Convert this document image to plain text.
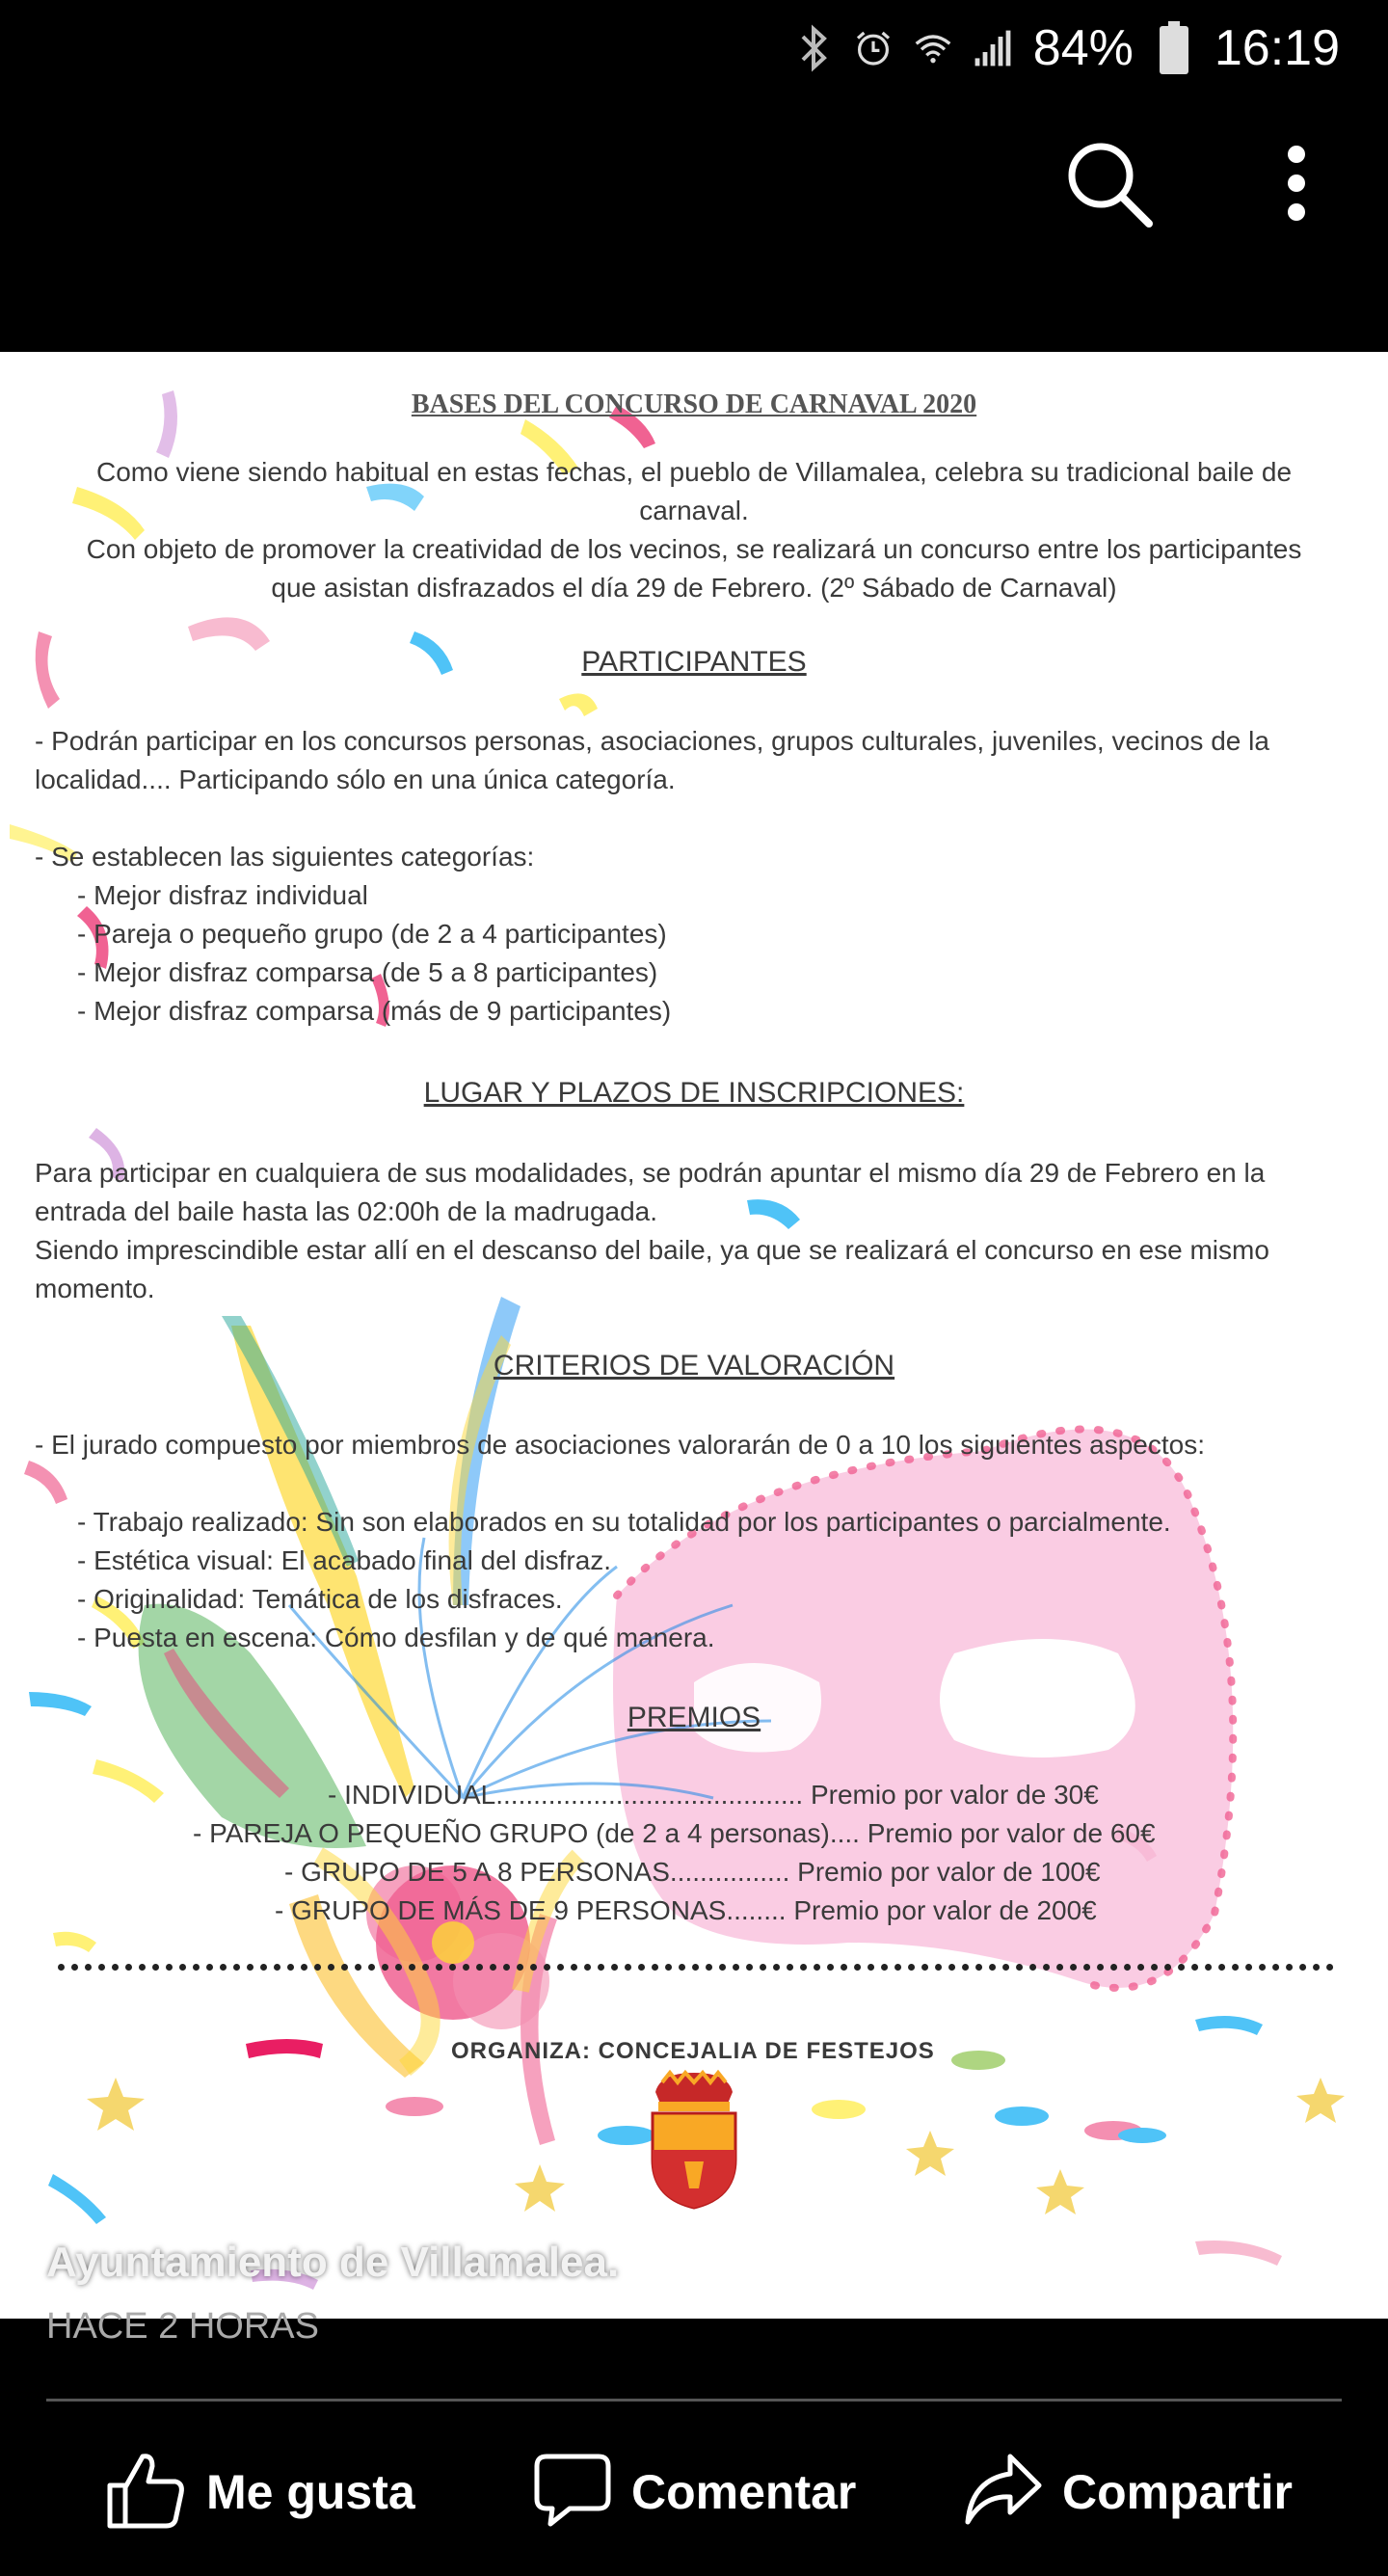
84% 16:19
BASES DEL CONCURSO DE CARNAVAL 2020
Como viene siendo habitual en estas fechas, el pueblo de Villamalea, celebra su tradicional baile de
carnaval.
Con objeto de promover la creatividad de los vecinos, se realizará un concurso entre los participantes
que asistan disfrazados el día 29 de Febrero. (2º Sábado de Carnaval)
PARTICIPANTES
- Podrán participar en los concursos personas, asociaciones, grupos culturales, juveniles, vecinos de la
localidad.... Participando sólo en una única categoría.
- Se establecen las siguientes categorías:
- Mejor disfraz individual
- Pareja o pequeño grupo (de 2 a 4 participantes)
- Mejor disfraz comparsa (de 5 a 8 participantes)
- Mejor disfraz comparsa (más de 9 participantes)
LUGAR Y PLAZOS DE INSCRIPCIONES:
Para participar en cualquiera de sus modalidades, se podrán apuntar el mismo día 29 de Febrero en la
entrada del baile hasta las 02:00h de la madrugada.
Siendo imprescindible estar allí en el descanso del baile, ya que se realizará el concurso en ese mismo
momento.
CRITERIOS DE VALORACIÓN
- El jurado compuesto por miembros de asociaciones valorarán de 0 a 10 los siguientes aspectos:
- Trabajo realizado: Sin son elaborados en su totalidad por los participantes o parcialmente.
- Estética visual: El acabado final del disfraz.
- Originalidad: Temática de los disfraces.
- Puesta en escena: Cómo desfilan y de qué manera.
PREMIOS
- INDIVIDUAL......................................... Premio por valor de 30€
- PAREJA O PEQUEÑO GRUPO (de 2 a 4 personas).... Premio por valor de 60€
- GRUPO DE 5 A 8 PERSONAS................ Premio por valor de 100€
- GRUPO DE MÁS DE 9 PERSONAS........ Premio por valor de 200€
ORGANIZA: CONCEJALIA DE FESTEJOS
Ayuntamiento de Villamalea.
HACE 2 HORAS
Me gusta	Comentar	Compartir
